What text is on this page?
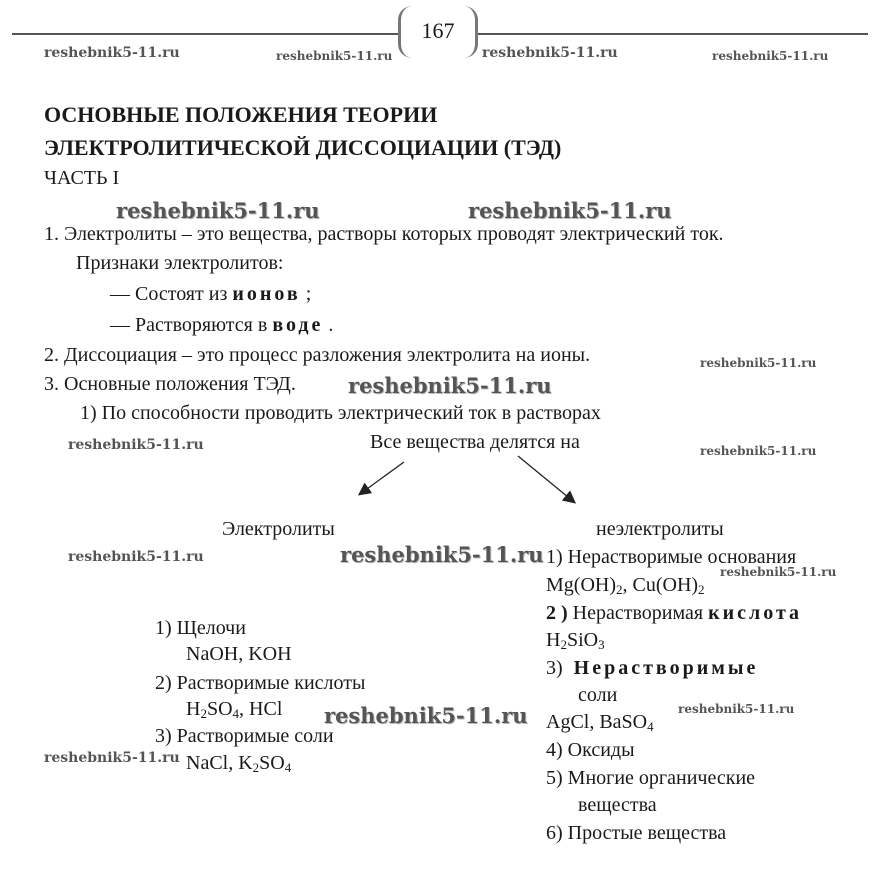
167
reshebnik5-11.ru	reshebnik5-11.ru	reshebnik5-11.ru	reshebnik5-11.ru
ОСНОВНЫЕ ПОЛОЖЕНИЯ ТЕОРИИ
ЭЛЕКТРОЛИТИЧЕСКОЙ ДИССОЦИАЦИИ (ТЭД)
ЧАСТЬ I
reshebnik5-11.ru	reshebnik5-11.ru
1. Электролиты – это вещества, растворы которых проводят электрический ток.
Признаки электролитов:
— Состоят из ионов ;
— Растворяются в воде .
2. Диссоциация – это процесс разложения электролита на ионы.	reshebnik5-11.ru
3. Основные положения ТЭД. reshebnik5-11.ru
1) По способности проводить электрический ток в растворах
reshebnik5-11.ru	Все вещества делятся на	reshebnik5-11.ru
Электролиты	неэлектролиты
reshebnik5-11.ru	reshebnik5-11.ru 1) Нерастворимые основания
$Mg(OH)_2$, $Cu(OH)_2$
reshebnik5-11.ru
2 ) Нерастворимая кислота
$H_2SiO_3$
3) Нерастворимые
соли
AgCl, BaSO$_4$
reshebnik5-11.ru
4) Оксиды
5) Многие органические
вещества
6) Простые вещества
1) Щелочи
NaOH, KOH
2) Растворимые кислоты
$H_2SO_4$, HCl reshebnik5-11.ru
3) Растворимые соли
reshebnik5-11.ru NaCl, $K_2SO_4$
